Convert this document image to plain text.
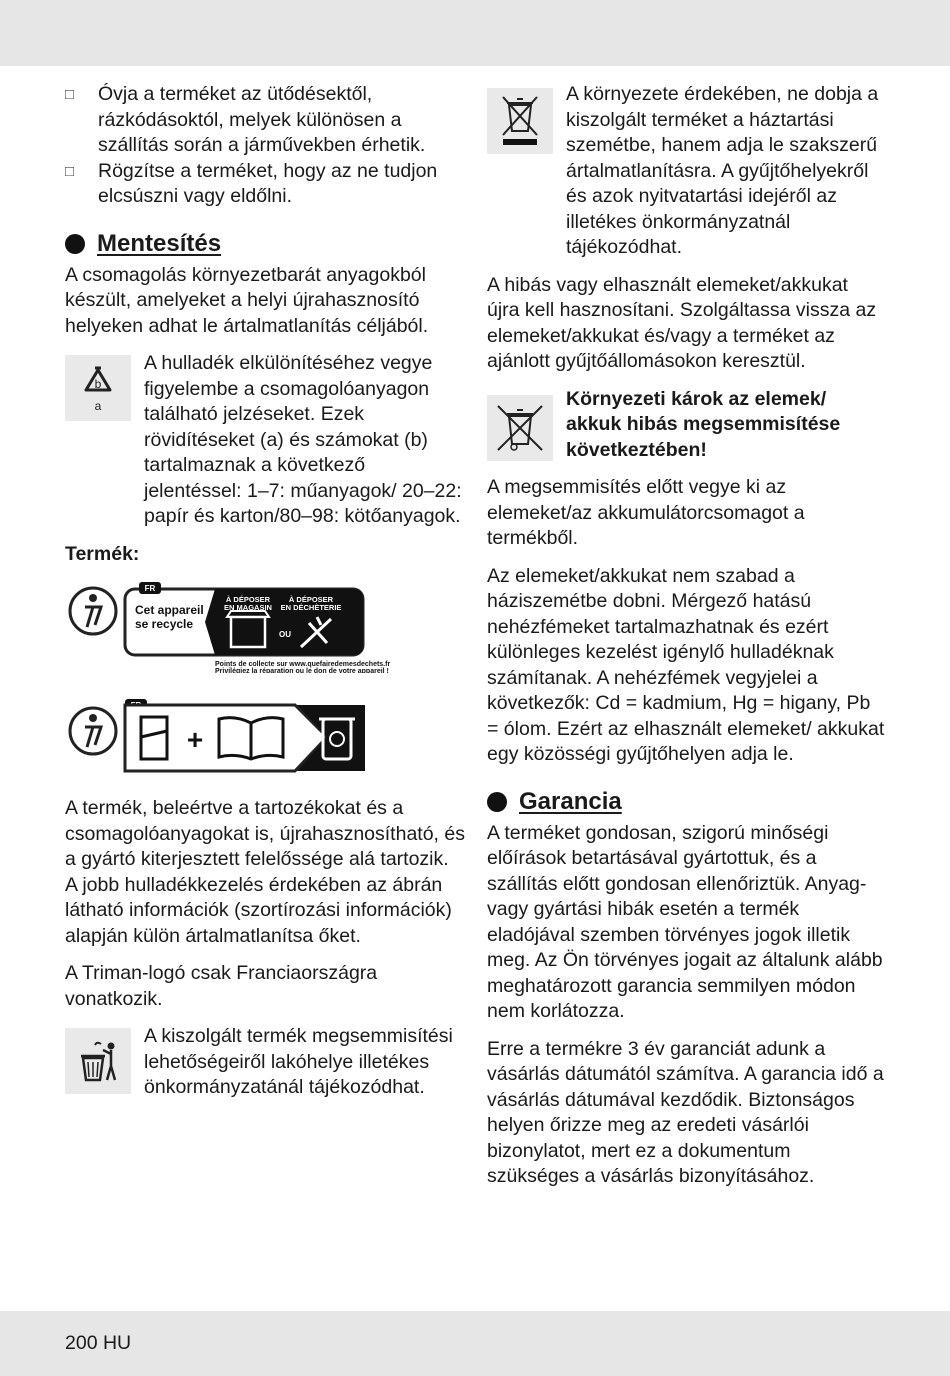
□	Óvja a terméket az ütődésektől, rázkódásoktól, melyek különösen a szállítás során a járművekben érhetik.
□	Rögzítse a terméket, hogy az ne tudjon elcsúszni vagy eldőlni.
Mentesítés

A csomagolás környezetbarát anyagokból készült, amelyeket a helyi újrahasznosító helyeken adhat le ártalmatlanítás céljából.

b
a
A hulladék elkülönítéséhez vegye figyelembe a csomagolóanyagon található jelzéseket. Ezek rövidítéseket (a) és számokat (b) tartalmaznak a következő jelentéssel: 1–7: műanyagok/ 20–22: papír és karton/80–98: kötőanyagok.
Termék:
FR
Cet appareil
se recycle
À DÉPOSER
EN MAGASIN
À DÉPOSER
EN DÉCHÈTERIE
OU
Points de collecte sur www.quefairedemesdechets.fr
Privilégiez la réparation ou le don de votre appareil !

+

A termék, beleértve a tartozékokat és a csomagolóanyagokat is, újrahasznosítható, és a gyártó kiterjesztett felelőssége alá tartozik.

A jobb hulladékkezelés érdekében az ábrán látható információk (szortírozási információk) alapján külön ártalmatlanítsa őket.

A Triman-logó csak Franciaországra vonatkozik.

A kiszolgált termék megsemmisítési lehetőségeiről lakóhelye illetékes önkormányzatánál tájékozódhat.
A környezete érdekében, ne dobja a kiszolgált terméket a háztartási szemétbe, hanem adja le szakszerű ártalmatlanításra. A gyűjtőhelyekről és azok nyitvatartási idejéről az illetékes önkormányzatnál tájékozódhat.

A hibás vagy elhasznált elemeket/akkukat újra kell hasznosítani. Szolgáltassa vissza az elemeket/akkukat és/vagy a terméket az ajánlott gyűjtőállomásokon keresztül.

Környezeti károk az elemek/ akkuk hibás megsemmisítése következtében!

A megsemmisítés előtt vegye ki az elemeket/az akkumulátorcsomagot a termékből.

Az elemeket/akkukat nem szabad a háziszemétbe dobni. Mérgező hatású nehézfémeket tartalmazhatnak és ezért különleges kezelést igénylő hulladéknak számítanak. A nehézfémek vegyjelei a következők: Cd = kadmium, Hg = higany, Pb = ólom. Ezért az elhasznált elemeket/ akkukat egy közösségi gyűjtőhelyen adja le.

Garancia

A terméket gondosan, szigorú minőségi előírások betartásával gyártottuk, és a szállítás előtt gondosan ellenőriztük. Anyag- vagy gyártási hibák esetén a termék eladójával szemben törvényes jogok illetik meg. Az Ön törvényes jogait az általunk alább meghatározott garancia semmilyen módon nem korlátozza.

Erre a termékre 3 év garanciát adunk a vásárlás dátumától számítva. A garancia idő a vásárlás dátumával kezdődik. Biztonságos helyen őrizze meg az eredeti vásárlói bizonylatot, mert ez a dokumentum szükséges a vásárlás bizonyításához.

200 HU
